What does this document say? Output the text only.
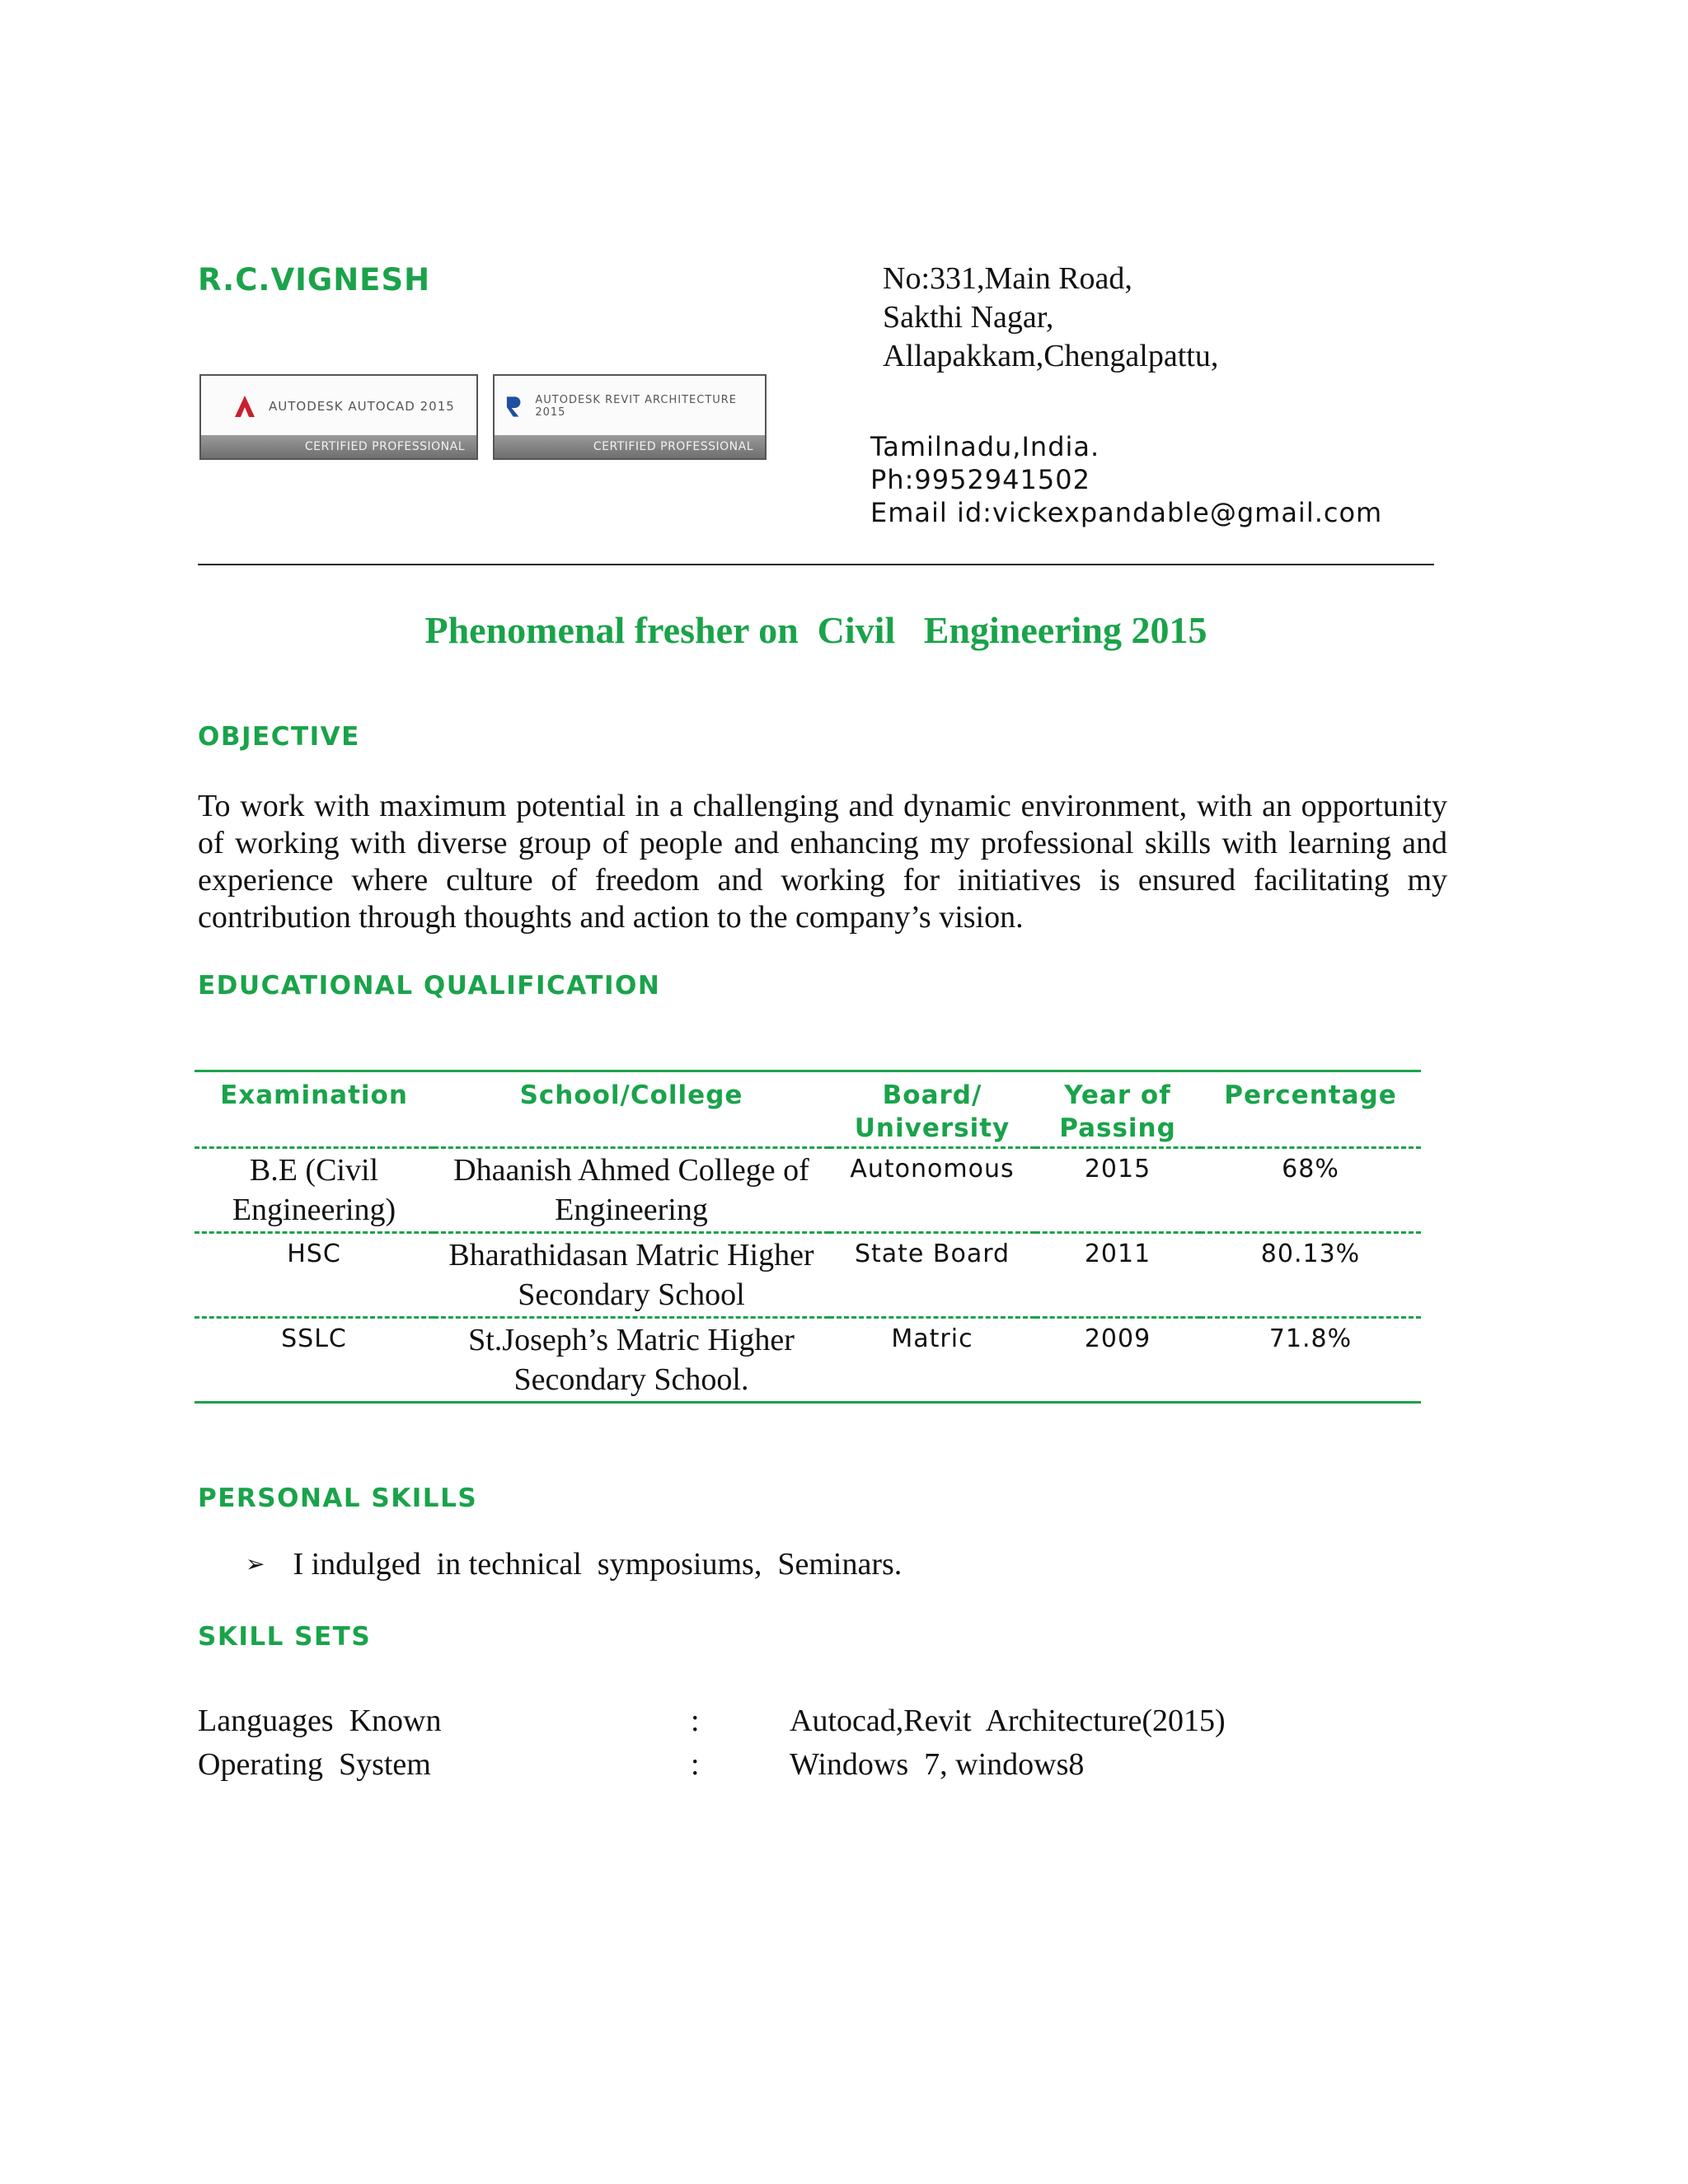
R.C.VIGNESH	No:331,Main Road,
Sakthi Nagar,
Allapakkam,Chengalpattu,
Tamilnadu,India.
Ph:9952941502
Email id:vickexpandable@gmail.com
AUTODESK AUTOCAD 2015
CERTIFIED PROFESSIONAL
AUTODESK REVIT ARCHITECTURE 2015
CERTIFIED PROFESSIONAL
Phenomenal fresher on  Civil   Engineering 2015
OBJECTIVE
To work with maximum potential in a challenging and dynamic environment, with an opportunity of working with diverse group of people and enhancing my professional skills with learning and experience where culture of freedom and working for initiatives is ensured facilitating my contribution through thoughts and action to the company’s vision.
EDUCATIONAL QUALIFICATION
Examination	School/College	Board/ University	Year of Passing	Percentage
B.E (Civil Engineering)	Dhaanish Ahmed College of Engineering	Autonomous	2015	68%
HSC	Bharathidasan Matric Higher Secondary School	State Board	2011	80.13%
SSLC	St.Joseph’s Matric Higher Secondary School.	Matric	2009	71.8%
PERSONAL SKILLS
➢ I indulged  in technical  symposiums,  Seminars.
SKILL SETS
Languages  Known	:	Autocad,Revit  Architecture(2015)
Operating  System	:	Windows  7, windows8
